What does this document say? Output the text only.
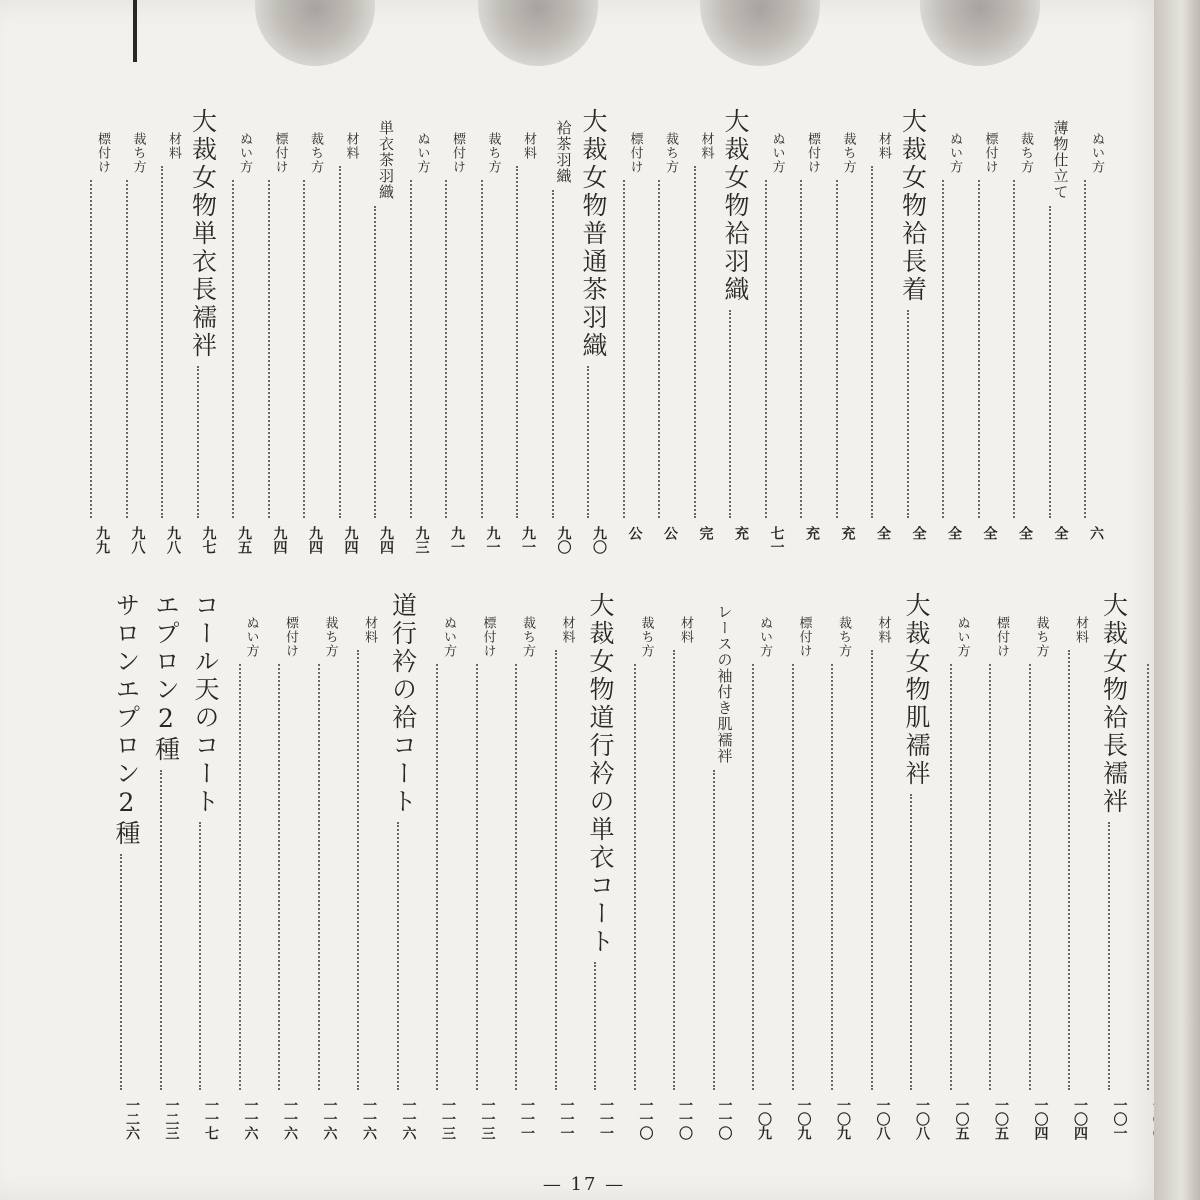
ぬい方
六
薄物仕立て
全
裁ち方
全
標付け
全
ぬい方
全
大裁女物袷長着
全
材料
全
裁ち方
充
標付け
充
ぬい方
七一
大裁女物袷羽織
充
材料
完
裁ち方
公
標付け
公
大裁女物普通茶羽織
九〇
袷茶羽織
九〇
材料
九一
裁ち方
九一
標付け
九一
ぬい方
九三
単衣茶羽織
九四
材料
九四
裁ち方
九四
標付け
九四
ぬい方
九五
大裁女物単衣長襦袢
九七
材料
九八
裁ち方
九八
標付け
九九
大裁女物袷長襦袢
一〇一
材料
一〇四
裁ち方
一〇四
標付け
一〇五
ぬい方
一〇五
大裁女物肌襦袢
一〇八
材料
一〇八
裁ち方
一〇九
標付け
一〇九
ぬい方
一〇九
レースの袖付き肌襦袢
一一〇
材料
一一〇
裁ち方
一一〇
大裁女物道行衿の単衣コート
一一一
材料
一一一
裁ち方
一一一
標付け
一一三
ぬい方
一一三
道行衿の袷コート
一一六
材料
一一六
裁ち方
一一六
標付け
一一六
ぬい方
一一六
コール天のコート
一一七
エプロン2種
一二三
サロンエプロン2種
一二六
— 17 —
